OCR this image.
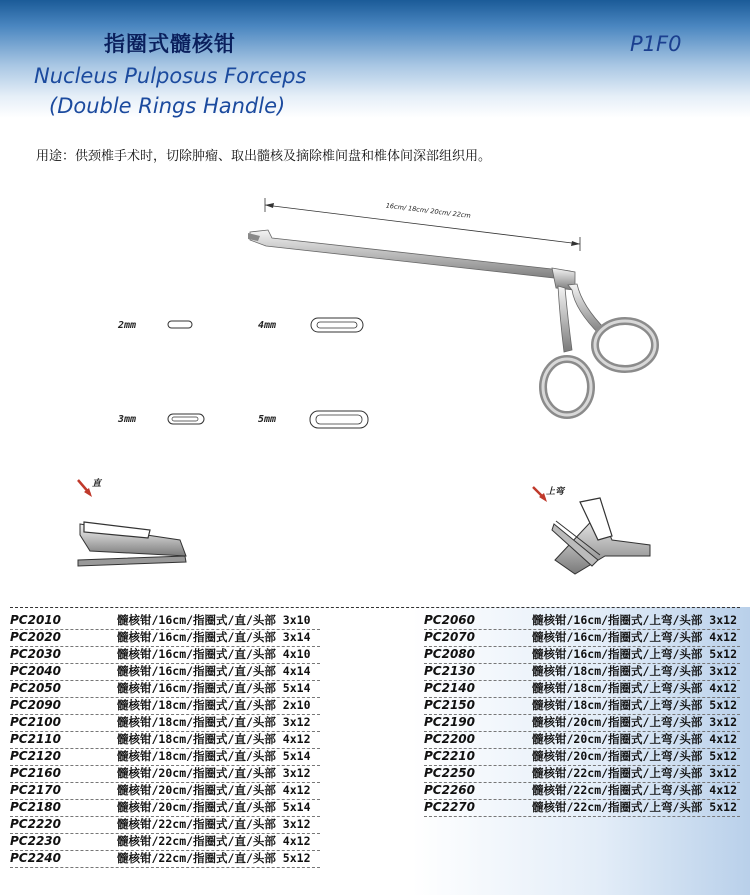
指圈式髓核钳	P1F0
Nucleus Pulposus Forceps
(Double Rings Handle)
用途：供颈椎手术时，切除肿瘤、取出髓核及摘除椎间盘和椎体间深部组织用。
16cm/ 18cm/ 20cm/ 22cm
2mm	4mm
3mm	5mm
直
上弯
PC2010	髓核钳/16cm/指圈式/直/头部 3x10
PC2020	髓核钳/16cm/指圈式/直/头部 3x14
PC2030	髓核钳/16cm/指圈式/直/头部 4x10
PC2040	髓核钳/16cm/指圈式/直/头部 4x14
PC2050	髓核钳/16cm/指圈式/直/头部 5x14
PC2090	髓核钳/18cm/指圈式/直/头部 2x10
PC2100	髓核钳/18cm/指圈式/直/头部 3x12
PC2110	髓核钳/18cm/指圈式/直/头部 4x12
PC2120	髓核钳/18cm/指圈式/直/头部 5x14
PC2160	髓核钳/20cm/指圈式/直/头部 3x12
PC2170	髓核钳/20cm/指圈式/直/头部 4x12
PC2180	髓核钳/20cm/指圈式/直/头部 5x14
PC2220	髓核钳/22cm/指圈式/直/头部 3x12
PC2230	髓核钳/22cm/指圈式/直/头部 4x12
PC2240	髓核钳/22cm/指圈式/直/头部 5x12
PC2060	髓核钳/16cm/指圈式/上弯/头部 3x12
PC2070	髓核钳/16cm/指圈式/上弯/头部 4x12
PC2080	髓核钳/16cm/指圈式/上弯/头部 5x12
PC2130	髓核钳/18cm/指圈式/上弯/头部 3x12
PC2140	髓核钳/18cm/指圈式/上弯/头部 4x12
PC2150	髓核钳/18cm/指圈式/上弯/头部 5x12
PC2190	髓核钳/20cm/指圈式/上弯/头部 3x12
PC2200	髓核钳/20cm/指圈式/上弯/头部 4x12
PC2210	髓核钳/20cm/指圈式/上弯/头部 5x12
PC2250	髓核钳/22cm/指圈式/上弯/头部 3x12
PC2260	髓核钳/22cm/指圈式/上弯/头部 4x12
PC2270	髓核钳/22cm/指圈式/上弯/头部 5x12
